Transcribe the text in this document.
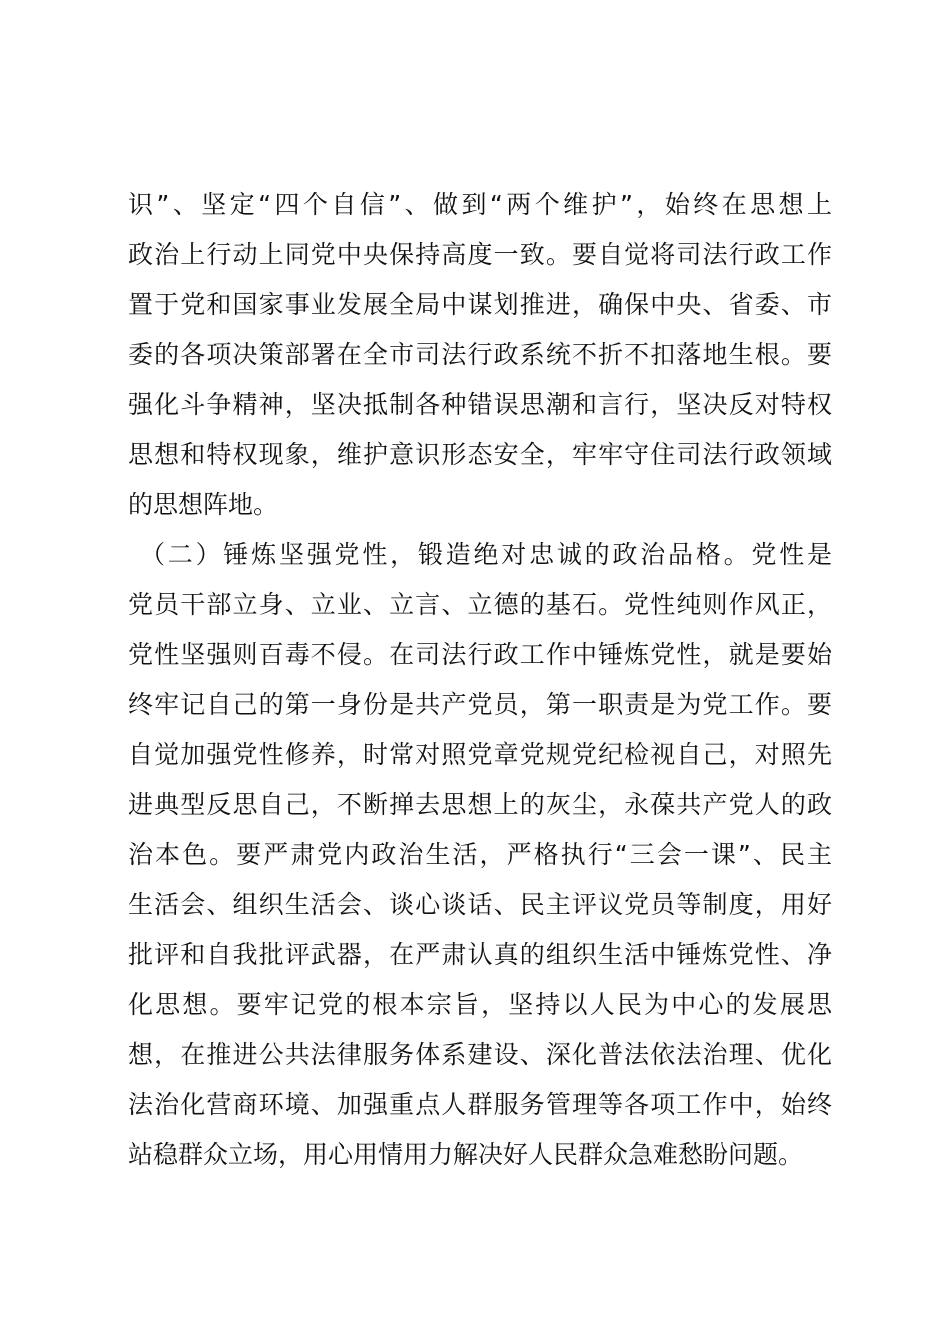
识”、坚定“四个自信”、做到“两个维护”，始终在思想上
政治上行动上同党中央保持高度一致。要自觉将司法行政工作
置于党和国家事业发展全局中谋划推进，确保中央、省委、市
委的各项决策部署在全市司法行政系统不折不扣落地生根。要
强化斗争精神，坚决抵制各种错误思潮和言行，坚决反对特权
思想和特权现象，维护意识形态安全，牢牢守住司法行政领域
的思想阵地。
（二）锤炼坚强党性，锻造绝对忠诚的政治品格。党性是
党员干部立身、立业、立言、立德的基石。党性纯则作风正，
党性坚强则百毒不侵。在司法行政工作中锤炼党性，就是要始
终牢记自己的第一身份是共产党员，第一职责是为党工作。要
自觉加强党性修养，时常对照党章党规党纪检视自己，对照先
进典型反思自己，不断掸去思想上的灰尘，永葆共产党人的政
治本色。要严肃党内政治生活，严格执行“三会一课”、民主
生活会、组织生活会、谈心谈话、民主评议党员等制度，用好
批评和自我批评武器，在严肃认真的组织生活中锤炼党性、净
化思想。要牢记党的根本宗旨，坚持以人民为中心的发展思
想，在推进公共法律服务体系建设、深化普法依法治理、优化
法治化营商环境、加强重点人群服务管理等各项工作中，始终
站稳群众立场，用心用情用力解决好人民群众急难愁盼问题。
